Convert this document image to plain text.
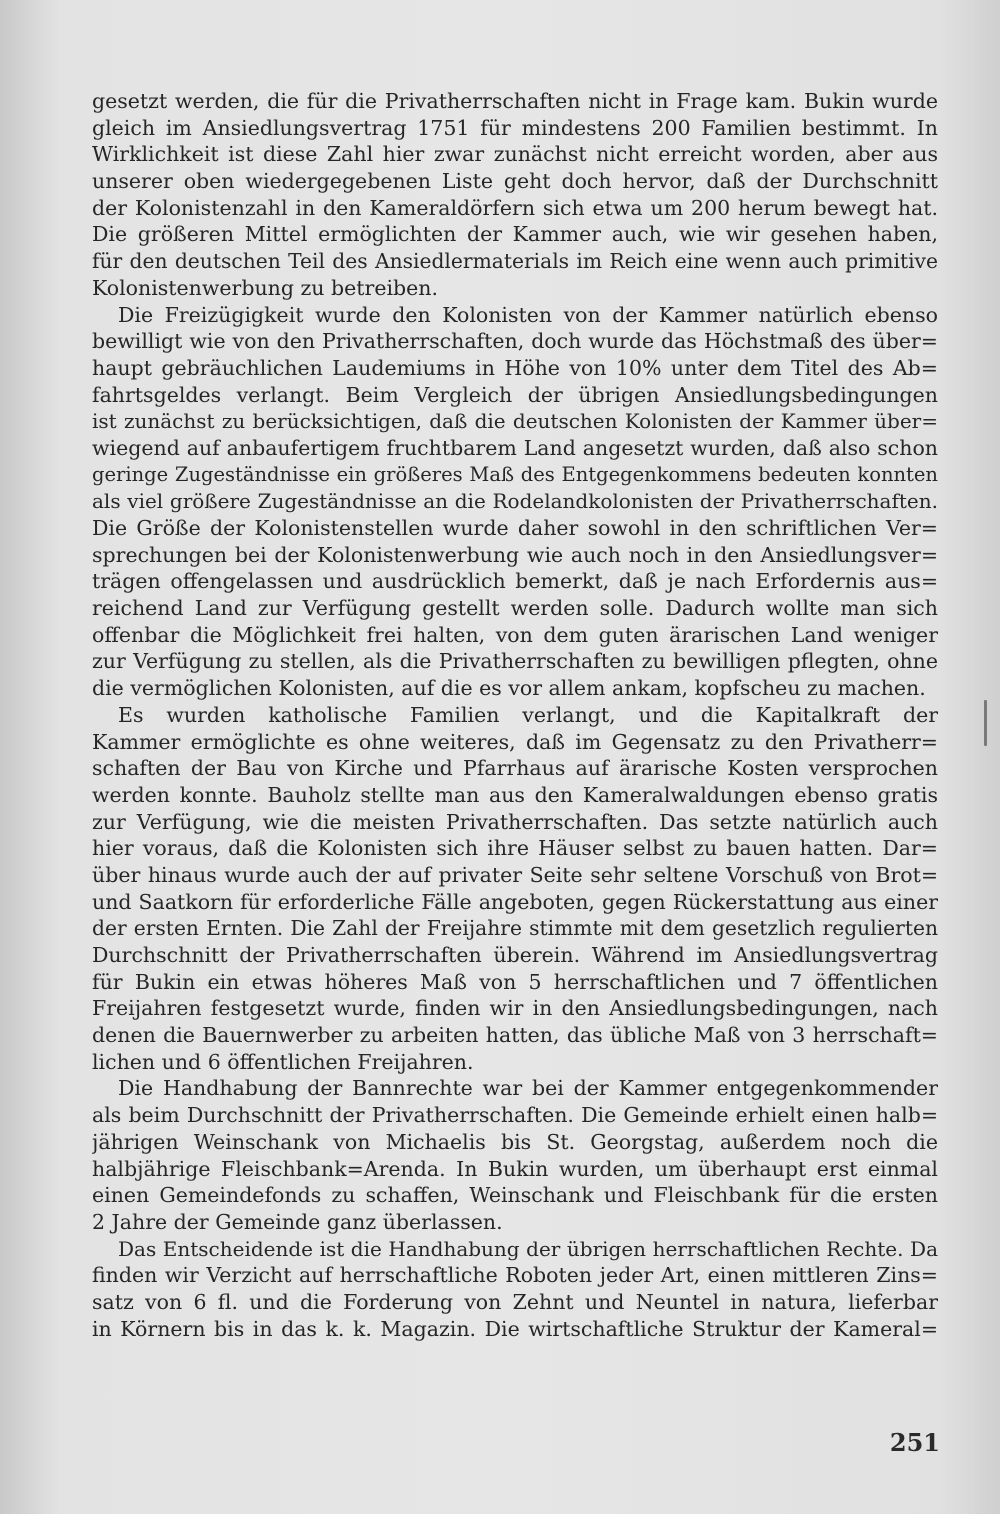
gesetzt werden, die für die Privatherrschaften nicht in Frage kam. Bukin wurde
gleich im Ansiedlungsvertrag 1751 für mindestens 200 Familien bestimmt. In
Wirklichkeit ist diese Zahl hier zwar zunächst nicht erreicht worden, aber aus
unserer oben wiedergegebenen Liste geht doch hervor, daß der Durchschnitt
der Kolonistenzahl in den Kameraldörfern sich etwa um 200 herum bewegt hat.
Die größeren Mittel ermöglichten der Kammer auch, wie wir gesehen haben,
für den deutschen Teil des Ansiedlermaterials im Reich eine wenn auch primitive
Kolonistenwerbung zu betreiben.
Die Freizügigkeit wurde den Kolonisten von der Kammer natürlich ebenso
bewilligt wie von den Privatherrschaften, doch wurde das Höchstmaß des über=
haupt gebräuchlichen Laudemiums in Höhe von 10% unter dem Titel des Ab=
fahrtsgeldes verlangt. Beim Vergleich der übrigen Ansiedlungsbedingungen
ist zunächst zu berücksichtigen, daß die deutschen Kolonisten der Kammer über=
wiegend auf anbaufertigem fruchtbarem Land angesetzt wurden, daß also schon
geringe Zugeständnisse ein größeres Maß des Entgegenkommens bedeuten konnten
als viel größere Zugeständnisse an die Rodelandkolonisten der Privatherrschaften.
Die Größe der Kolonistenstellen wurde daher sowohl in den schriftlichen Ver=
sprechungen bei der Kolonistenwerbung wie auch noch in den Ansiedlungsver=
trägen offengelassen und ausdrücklich bemerkt, daß je nach Erfordernis aus=
reichend Land zur Verfügung gestellt werden solle. Dadurch wollte man sich
offenbar die Möglichkeit frei halten, von dem guten ärarischen Land weniger
zur Verfügung zu stellen, als die Privatherrschaften zu bewilligen pflegten, ohne
die vermöglichen Kolonisten, auf die es vor allem ankam, kopfscheu zu machen.
Es wurden katholische Familien verlangt, und die Kapitalkraft der
Kammer ermöglichte es ohne weiteres, daß im Gegensatz zu den Privatherr=
schaften der Bau von Kirche und Pfarrhaus auf ärarische Kosten versprochen
werden konnte. Bauholz stellte man aus den Kameralwaldungen ebenso gratis
zur Verfügung, wie die meisten Privatherrschaften. Das setzte natürlich auch
hier voraus, daß die Kolonisten sich ihre Häuser selbst zu bauen hatten. Dar=
über hinaus wurde auch der auf privater Seite sehr seltene Vorschuß von Brot=
und Saatkorn für erforderliche Fälle angeboten, gegen Rückerstattung aus einer
der ersten Ernten. Die Zahl der Freijahre stimmte mit dem gesetzlich regulierten
Durchschnitt der Privatherrschaften überein. Während im Ansiedlungsvertrag
für Bukin ein etwas höheres Maß von 5 herrschaftlichen und 7 öffentlichen
Freijahren festgesetzt wurde, finden wir in den Ansiedlungsbedingungen, nach
denen die Bauernwerber zu arbeiten hatten, das übliche Maß von 3 herrschaft=
lichen und 6 öffentlichen Freijahren.
Die Handhabung der Bannrechte war bei der Kammer entgegenkommender
als beim Durchschnitt der Privatherrschaften. Die Gemeinde erhielt einen halb=
jährigen Weinschank von Michaelis bis St. Georgstag, außerdem noch die
halbjährige Fleischbank=Arenda. In Bukin wurden, um überhaupt erst einmal
einen Gemeindefonds zu schaffen, Weinschank und Fleischbank für die ersten
2 Jahre der Gemeinde ganz überlassen.
Das Entscheidende ist die Handhabung der übrigen herrschaftlichen Rechte. Da
finden wir Verzicht auf herrschaftliche Roboten jeder Art, einen mittleren Zins=
satz von 6 fl. und die Forderung von Zehnt und Neuntel in natura, lieferbar
in Körnern bis in das k. k. Magazin. Die wirtschaftliche Struktur der Kameral=
251
